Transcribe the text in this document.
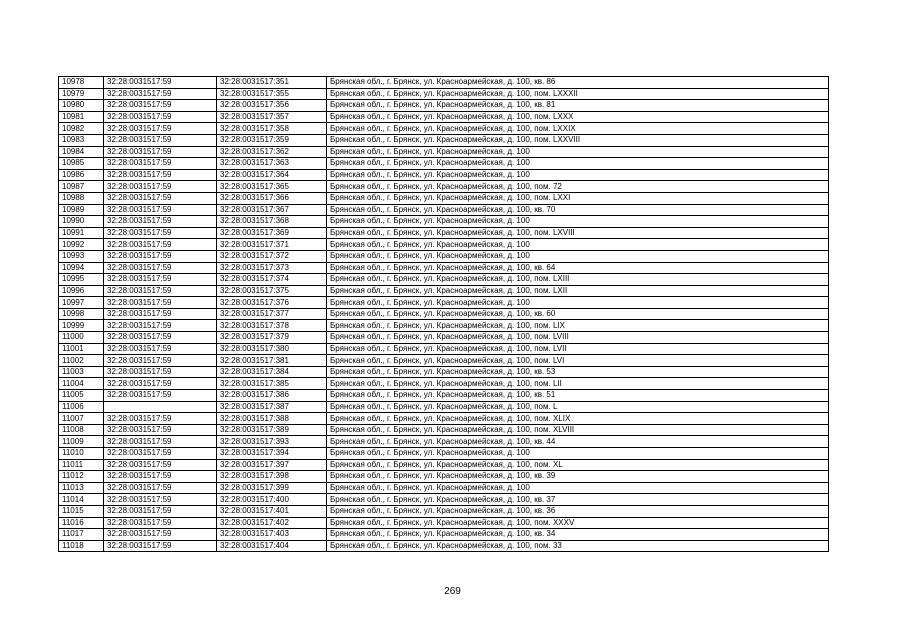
10978	32:28:0031517:59	32:28:0031517:351	Брянская обл., г. Брянск, ул. Красноармейская, д. 100, кв. 86
10979	32:28:0031517:59	32:28:0031517:355	Брянская обл., г. Брянск, ул. Красноармейская, д. 100, пом. LXXXII
10980	32:28:0031517:59	32:28:0031517:356	Брянская обл., г. Брянск, ул. Красноармейская, д. 100, кв. 81
10981	32:28:0031517:59	32:28:0031517:357	Брянская обл., г. Брянск, ул. Красноармейская, д. 100, пом. LXXX
10982	32:28:0031517:59	32:28:0031517:358	Брянская обл., г. Брянск, ул. Красноармейская, д. 100, пом. LXXIX
10983	32:28:0031517:59	32:28:0031517:359	Брянская обл., г. Брянск, ул. Красноармейская, д. 100, пом. LXXVIII
10984	32:28:0031517:59	32:28:0031517:362	Брянская обл., г. Брянск, ул. Красноармейская, д. 100
10985	32:28:0031517:59	32:28:0031517:363	Брянская обл., г. Брянск, ул. Красноармейская, д. 100
10986	32:28:0031517:59	32:28:0031517:364	Брянская обл., г. Брянск, ул. Красноармейская, д. 100
10987	32:28:0031517:59	32:28:0031517:365	Брянская обл., г. Брянск, ул. Красноармейская, д. 100, пом. 72
10988	32:28:0031517:59	32:28:0031517:366	Брянская обл., г. Брянск, ул. Красноармейская, д. 100, пом. LXXI
10989	32:28:0031517:59	32:28:0031517:367	Брянская обл., г. Брянск, ул. Красноармейская, д. 100, кв. 70
10990	32:28:0031517:59	32:28:0031517:368	Брянская обл., г. Брянск, ул. Красноармейская, д. 100
10991	32:28:0031517:59	32:28:0031517:369	Брянская обл., г. Брянск, ул. Красноармейская, д. 100, пом. LXVIII
10992	32:28:0031517:59	32:28:0031517:371	Брянская обл., г. Брянск, ул. Красноармейская, д. 100
10993	32:28:0031517:59	32:28:0031517:372	Брянская обл., г. Брянск, ул. Красноармейская, д. 100
10994	32:28:0031517:59	32:28:0031517:373	Брянская обл., г. Брянск, ул. Красноармейская, д. 100, кв. 64
10995	32:28:0031517:59	32:28:0031517:374	Брянская обл., г. Брянск, ул. Красноармейская, д. 100, пом. LXIII
10996	32:28:0031517:59	32:28:0031517:375	Брянская обл., г. Брянск, ул. Красноармейская, д. 100, пом. LXII
10997	32:28:0031517:59	32:28:0031517:376	Брянская обл., г. Брянск, ул. Красноармейская, д. 100
10998	32:28:0031517:59	32:28:0031517:377	Брянская обл., г. Брянск, ул. Красноармейская, д. 100, кв. 60
10999	32:28:0031517:59	32:28:0031517:378	Брянская обл., г. Брянск, ул. Красноармейская, д. 100, пом. LIX
11000	32:28:0031517:59	32:28:0031517:379	Брянская обл., г. Брянск, ул. Красноармейская, д. 100, пом. LVIII
11001	32:28:0031517:59	32:28:0031517:380	Брянская обл., г. Брянск, ул. Красноармейская, д. 100, пом. LVII
11002	32:28:0031517:59	32:28:0031517:381	Брянская обл., г. Брянск, ул. Красноармейская, д. 100, пом. LVI
11003	32:28:0031517:59	32:28:0031517:384	Брянская обл., г. Брянск, ул. Красноармейская, д. 100, кв. 53
11004	32:28:0031517:59	32:28:0031517:385	Брянская обл., г. Брянск, ул. Красноармейская, д. 100, пом. LII
11005	32:28:0031517:59	32:28:0031517:386	Брянская обл., г. Брянск, ул. Красноармейская, д. 100, кв. 51
11006		32:28:0031517:387	Брянская обл., г. Брянск, ул. Красноармейская, д. 100, пом. L
11007	32:28:0031517:59	32:28:0031517:388	Брянская обл., г. Брянск, ул. Красноармейская, д. 100, пом. XLIX
11008	32:28:0031517:59	32:28:0031517:389	Брянская обл., г. Брянск, ул. Красноармейская, д. 100, пом. XLVIII
11009	32:28:0031517:59	32:28:0031517:393	Брянская обл., г. Брянск, ул. Красноармейская, д. 100, кв. 44
11010	32:28:0031517:59	32:28:0031517:394	Брянская обл., г. Брянск, ул. Красноармейская, д. 100
11011	32:28:0031517:59	32:28:0031517:397	Брянская обл., г. Брянск, ул. Красноармейская, д. 100, пом. XL
11012	32:28:0031517:59	32:28:0031517:398	Брянская обл., г. Брянск, ул. Красноармейская, д. 100, кв. 39
11013	32:28:0031517:59	32:28:0031517:399	Брянская обл., г. Брянск, ул. Красноармейская, д. 100
11014	32:28:0031517:59	32:28:0031517:400	Брянская обл., г. Брянск, ул. Красноармейская, д. 100, кв. 37
11015	32:28:0031517:59	32:28:0031517:401	Брянская обл., г. Брянск, ул. Красноармейская, д. 100, кв. 36
11016	32:28:0031517:59	32:28:0031517:402	Брянская обл., г. Брянск, ул. Красноармейская, д. 100, пом. XXXV
11017	32:28:0031517:59	32:28:0031517:403	Брянская обл., г. Брянск, ул. Красноармейская, д. 100, кв. 34
11018	32:28:0031517:59	32:28:0031517:404	Брянская обл., г. Брянск, ул. Красноармейская, д. 100, пом. 33
269
